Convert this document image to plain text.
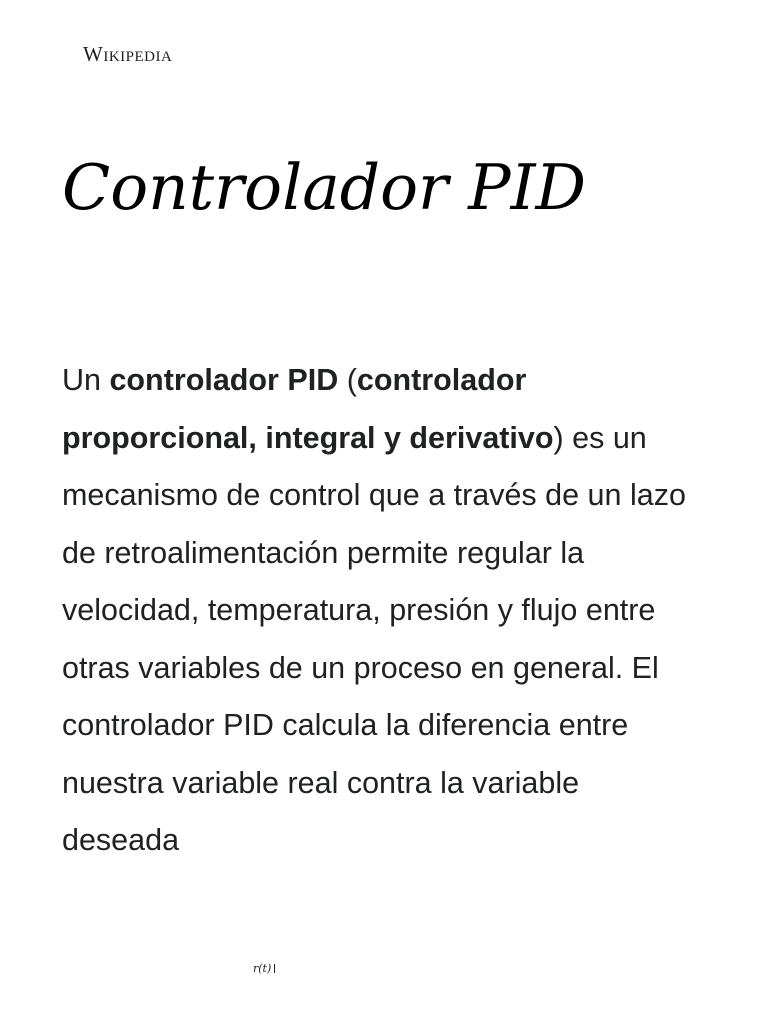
Wikipedia
Controlador PID

Un controlador PID (controlador proporcional, integral y derivativo) es un mecanismo de control que a través de un lazo de retroalimentación permite regular la velocidad, temperatura, presión y flujo entre otras variables de un proceso en general. El controlador PID calcula la diferencia entre nuestra variable real contra la variable deseada

r(t)
